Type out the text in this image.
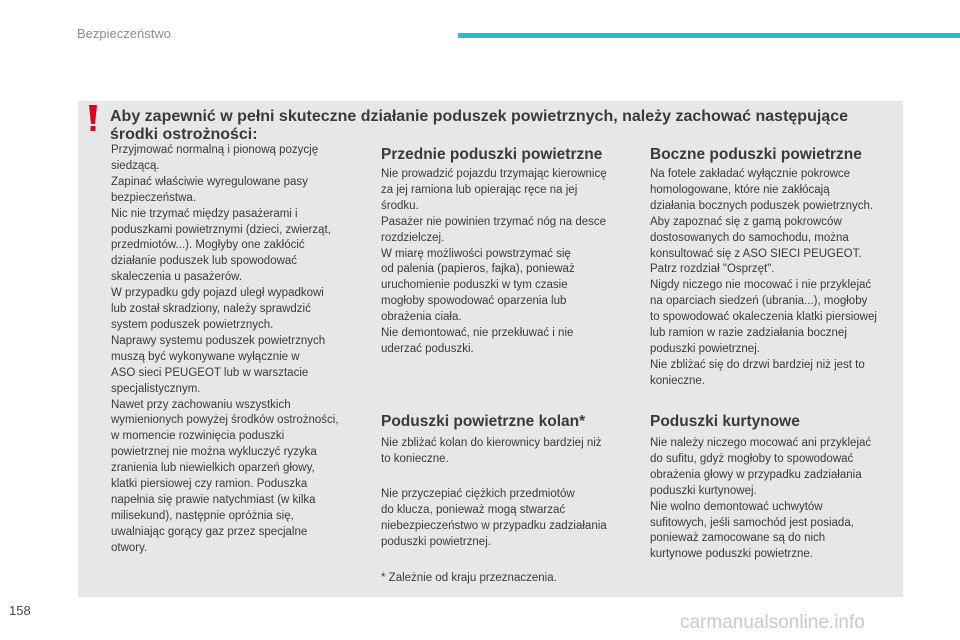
Bezpieczeństwo
Aby zapewnić w pełni skuteczne działanie poduszek powietrznych, należy zachować następujące środki ostrożności:

Przyjmować normalną i pionową pozycję
siedzącą.
Zapinać właściwie wyregulowane pasy
bezpieczeństwa.
Nic nie trzymać między pasażerami i
poduszkami powietrznymi (dzieci, zwierząt,
przedmiotów...). Mogłyby one zakłócić
działanie poduszek lub spowodować
skaleczenia u pasażerów.
W przypadku gdy pojazd uległ wypadkowi
lub został skradziony, należy sprawdzić
system poduszek powietrznych.
Naprawy systemu poduszek powietrznych
muszą być wykonywane wyłącznie w
ASO sieci PEUGEOT lub w warsztacie
specjalistycznym.
Nawet przy zachowaniu wszystkich
wymienionych powyżej środków ostrożności,
w momencie rozwinięcia poduszki
powietrznej nie można wykluczyć ryzyka
zranienia lub niewielkich oparzeń głowy,
klatki piersiowej czy ramion. Poduszka
napełnia się prawie natychmiast (w kilka
milisekund), następnie opróżnia się,
uwalniając gorący gaz przez specjalne
otwory.

Przednie poduszki powietrzne

Nie prowadzić pojazdu trzymając kierownicę
za jej ramiona lub opierając ręce na jej
środku.
Pasażer nie powinien trzymać nóg na desce
rozdzielczej.
W miarę możliwości powstrzymać się
od palenia (papieros, fajka), ponieważ
uruchomienie poduszki w tym czasie
mogłoby spowodować oparzenia lub
obrażenia ciała.
Nie demontować, nie przekłuwać i nie
uderzać poduszki.

Boczne poduszki powietrzne

Na fotele zakładać wyłącznie pokrowce
homologowane, które nie zakłócają
działania bocznych poduszek powietrznych.
Aby zapoznać się z gamą pokrowców
dostosowanych do samochodu, można
konsultować się z ASO SIECI PEUGEOT.
Patrz rozdział "Osprzęt".
Nigdy niczego nie mocować i nie przyklejać
na oparciach siedzeń (ubrania...), mogłoby
to spowodować okaleczenia klatki piersiowej
lub ramion w razie zadziałania bocznej
poduszki powietrznej.
Nie zbliżać się do drzwi bardziej niż jest to
konieczne.

Poduszki powietrzne kolan*

Nie zbliżać kolan do kierownicy bardziej niż
to konieczne.

Nie przyczepiać ciężkich przedmiotów
do klucza, ponieważ mogą stwarzać
niebezpieczeństwo w przypadku zadziałania
poduszki powietrznej.

* Zależnie od kraju przeznaczenia.

Poduszki kurtynowe

Nie należy niczego mocować ani przyklejać
do sufitu, gdyż mogłoby to spowodować
obrażenia głowy w przypadku zadziałania
poduszki kurtynowej.
Nie wolno demontować uchwytów
sufitowych, jeśli samochód jest posiada,
ponieważ zamocowane są do nich
kurtynowe poduszki powietrzne.

158
carmanualsonline.info
